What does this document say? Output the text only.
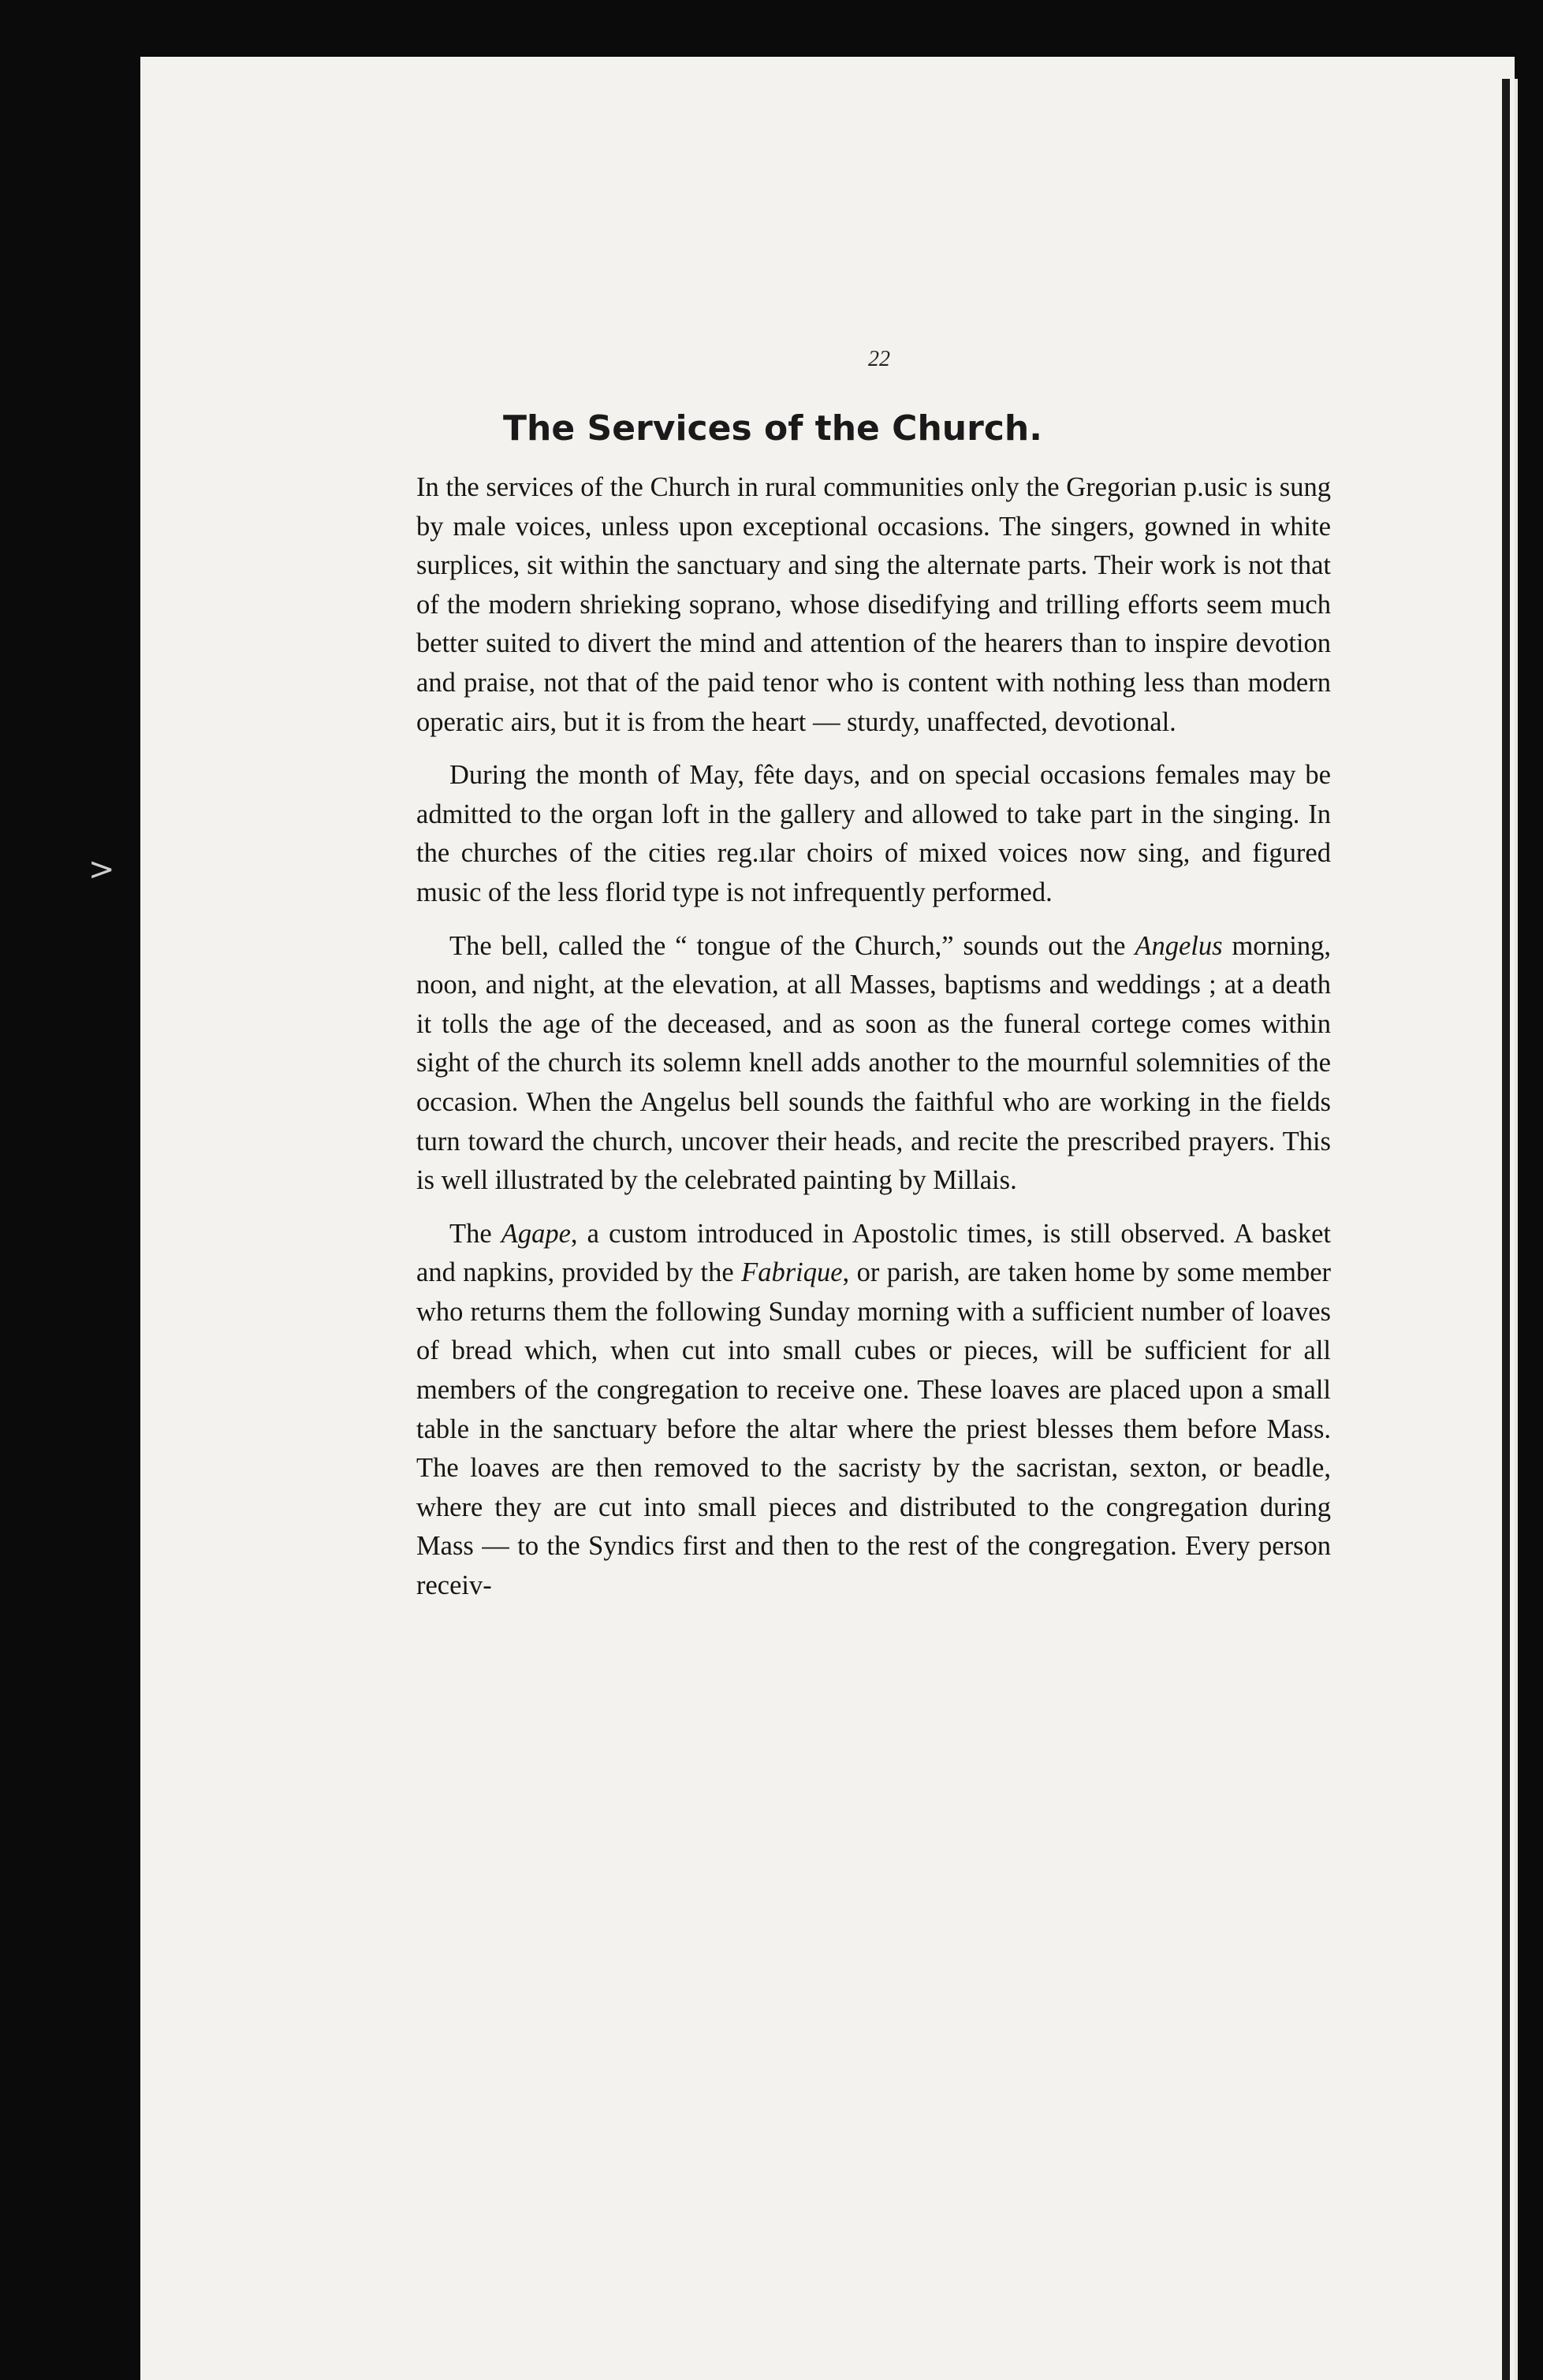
>
22
The Services of the Church.

In the services of the Church in rural communities only the Gregorian р.usic is sung by male voices, unless upon exceptional occasions. The singers, gowned in white surplices, sit within the sanctuary and sing the alternate parts. Their work is not that of the modern shrieking soprano, whose disedifying and trilling efforts seem much better suited to divert the mind and attention of the hearers than to inspire devotion and praise, not that of the paid tenor who is content with nothing less than modern operatic airs, but it is from the heart — sturdy, unaffected, devotional.

During the month of May, fête days, and on special occasions females may be admitted to the organ loft in the gallery and allowed to take part in the singing. In the churches of the cities reg.ılar choirs of mixed voices now sing, and figured music of the less florid type is not infrequently performed.

The bell, called the “ tongue of the Church,” sounds out the Angelus morning, noon, and night, at the elevation, at all Masses, baptisms and weddings ; at a death it tolls the age of the deceased, and as soon as the funeral cortege comes within sight of the church its solemn knell adds another to the mournful solemnities of the occasion. When the Angelus bell sounds the faithful who are working in the fields turn toward the church, uncover their heads, and recite the prescribed prayers. This is well illustrated by the celebrated painting by Millais.

The Agape, a custom introduced in Apostolic times, is still observed. A basket and napkins, provided by the Fabrique, or parish, are taken home by some member who returns them the following Sunday morning with a sufficient number of loaves of bread which, when cut into small cubes or pieces, will be sufficient for all members of the congregation to receive one. These loaves are placed upon a small table in the sanctuary before the altar where the priest blesses them before Mass. The loaves are then removed to the sacristy by the sacristan, sexton, or beadle, where they are cut into small pieces and distributed to the congregation during Mass — to the Syndics first and then to the rest of the congregation. Every person receiv-
